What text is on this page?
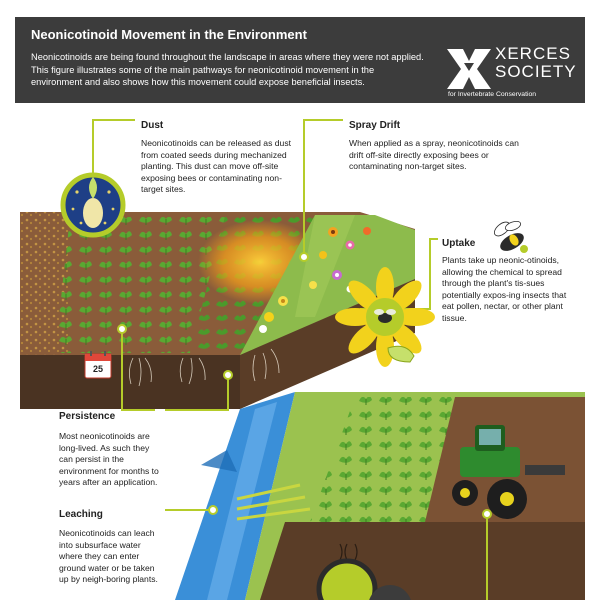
Neonicotinoid Movement in the Environment
Neonicotinoids are being found throughout the landscape in areas where they were not applied. This figure illustrates some of the main pathways for neonicotinoid movement in the environment and also shows how this movement could expose beneficial insects.
XERCES
SOCIETY
for Invertebrate Conservation
Dust
Neonicotinoids can be released as dust from coated seeds during mechanized planting. This dust can move off-site exposing bees or contaminating non-target sites.
Spray Drift
When applied as a spray, neonicotinoids can drift off-site directly exposing bees or contaminating non-target sites.
Uptake
Plants take up neonic-otinoids, allowing the chemical to spread through the plant's tis-sues potentially expos-ing insects that eat pollen, nectar, or other plant tissue.
Persistence
Most neonicotinoids are long-lived. As such they can persist in the environment for months to years after an application.
Leaching
Neonicotinoids can leach into subsurface water where they can enter ground water or be taken up by neigh-boring plants.
25
